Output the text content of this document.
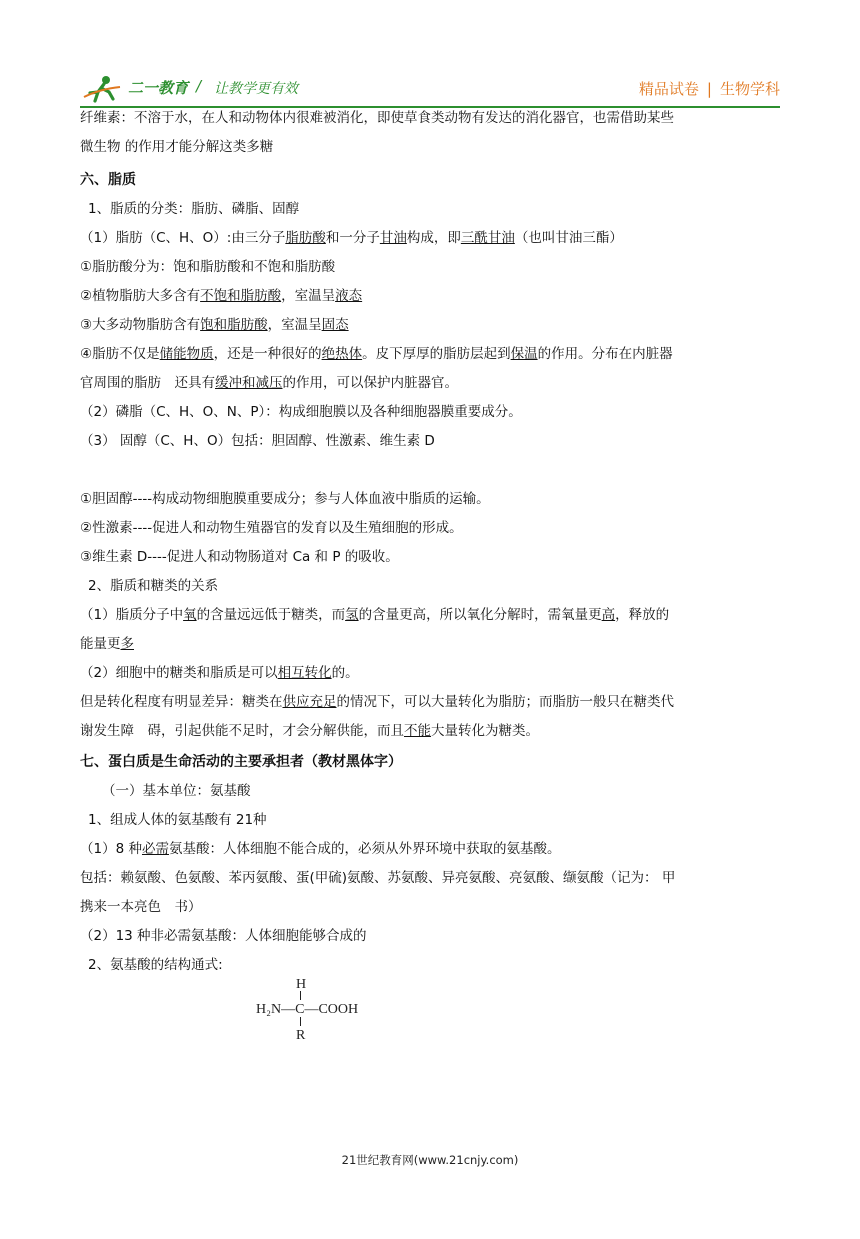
二一教育 / 让教学更有效	精品试卷 | 生物学科

纤维素：不溶于水，在人和动物体内很难被消化，即使草食类动物有发达的消化器官，也需借助某些

微生物 的作用才能分解这类多糖

六、脂质

1、脂质的分类：脂肪、磷脂、固醇

（1）脂肪（C、H、O）:由三分子脂肪酸和一分子甘油构成，即三酰甘油（也叫甘油三酯）

①脂肪酸分为：饱和脂肪酸和不饱和脂肪酸

②植物脂肪大多含有不饱和脂肪酸，室温呈液态

③大多动物脂肪含有饱和脂肪酸，室温呈固态

④脂肪不仅是储能物质，还是一种很好的绝热体。皮下厚厚的脂肪层起到保温的作用。分布在内脏器

官周围的脂肪　还具有缓冲和减压的作用，可以保护内脏器官。

（2）磷脂（C、H、O、N、P）：构成细胞膜以及各种细胞器膜重要成分。

（3） 固醇（C、H、O）包括：胆固醇、性激素、维生素 D

①胆固醇----构成动物细胞膜重要成分；参与人体血液中脂质的运输。

②性激素----促进人和动物生殖器官的发育以及生殖细胞的形成。

③维生素 D----促进人和动物肠道对 Ca 和 P 的吸收。

2、脂质和糖类的关系

（1）脂质分子中氧的含量远远低于糖类，而氢的含量更高，所以氧化分解时，需氧量更高，释放的

能量更多

（2）细胞中的糖类和脂质是可以相互转化的。

但是转化程度有明显差异：糖类在供应充足的情况下，可以大量转化为脂肪；而脂肪一般只在糖类代

谢发生障　碍，引起供能不足时，才会分解供能，而且不能大量转化为糖类。

七、蛋白质是生命活动的主要承担者（教材黑体字）

（一）基本单位：氨基酸

1、组成人体的氨基酸有 21种

（1）8 种必需氨基酸：人体细胞不能合成的，必须从外界环境中获取的氨基酸。

包括：赖氨酸、色氨酸、苯丙氨酸、蛋(甲硫)氨酸、苏氨酸、异亮氨酸、亮氨酸、缬氨酸（记为： 甲

携来一本亮色　书）

（2）13 种非必需氨基酸：人体细胞能够合成的

2、氨基酸的结构通式:

H
H₂N—C—COOH
R
21世纪教育网(www.21cnjy.com)
